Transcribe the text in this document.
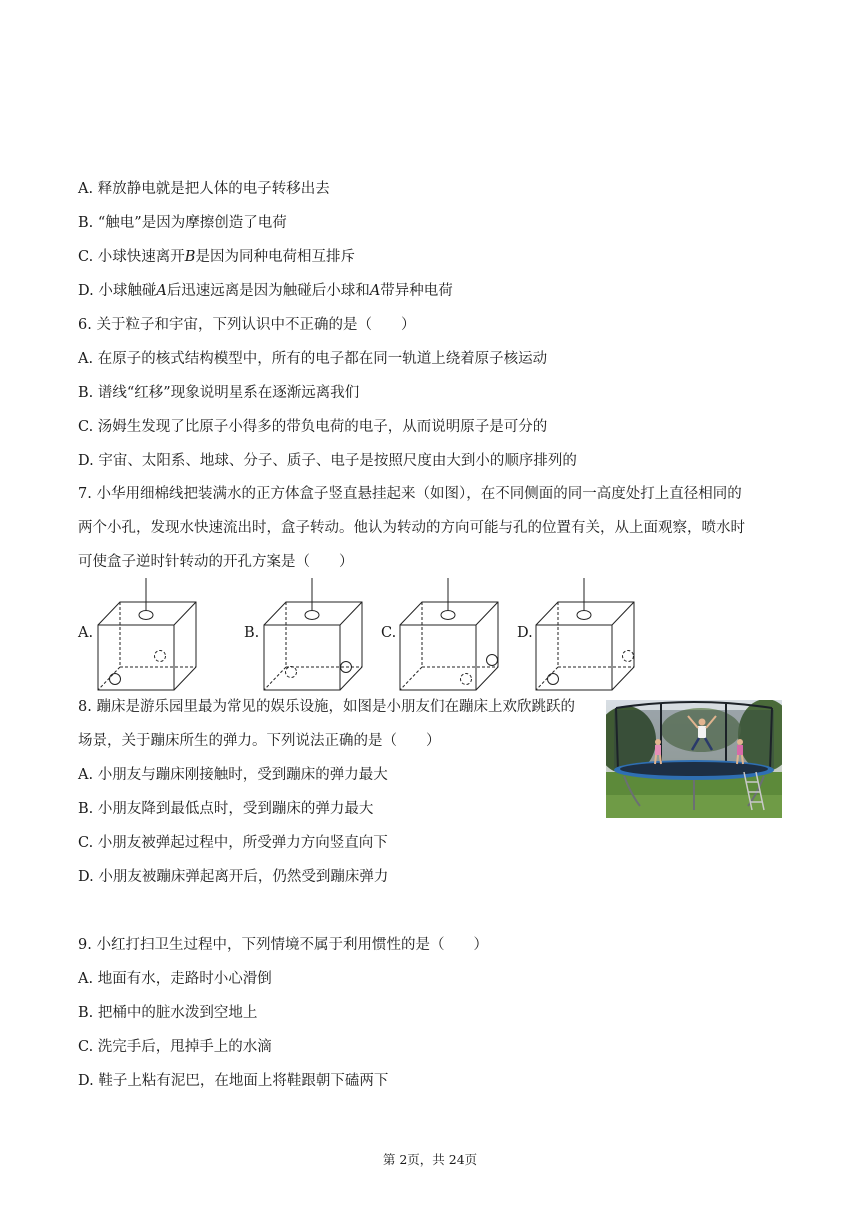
A. 释放静电就是把人体的电子转移出去
B. “触电”是因为摩擦创造了电荷
C. 小球快速离开B是因为同种电荷相互排斥
D. 小球触碰A后迅速远离是因为触碰后小球和A带异种电荷
6. 关于粒子和宇宙，下列认识中不正确的是（　　）
A. 在原子的核式结构模型中，所有的电子都在同一轨道上绕着原子核运动
B. 谱线“红移”现象说明星系在逐渐远离我们
C. 汤姆生发现了比原子小得多的带负电荷的电子，从而说明原子是可分的
D. 宇宙、太阳系、地球、分子、质子、电子是按照尺度由大到小的顺序排列的
7. 小华用细棉线把装满水的正方体盒子竖直悬挂起来（如图），在不同侧面的同一高度处打上直径相同的
两个小孔，发现水快速流出时，盒子转动。他认为转动的方向可能与孔的位置有关，从上面观察，喷水时
可使盒子逆时针转动的开孔方案是（　　）
A.	B.	C.	D.
8. 蹦床是游乐园里最为常见的娱乐设施，如图是小朋友们在蹦床上欢欣跳跃的
场景，关于蹦床所生的弹力。下列说法正确的是（　　）
A. 小朋友与蹦床刚接触时，受到蹦床的弹力最大
B. 小朋友降到最低点时，受到蹦床的弹力最大
C. 小朋友被弹起过程中，所受弹力方向竖直向下
D. 小朋友被蹦床弹起离开后，仍然受到蹦床弹力
9. 小红打扫卫生过程中，下列情境不属于利用惯性的是（　　）
A. 地面有水，走路时小心滑倒
B. 把桶中的脏水泼到空地上
C. 洗完手后，甩掉手上的水滴
D. 鞋子上粘有泥巴，在地面上将鞋跟朝下磕两下
第 2页，共 24页
